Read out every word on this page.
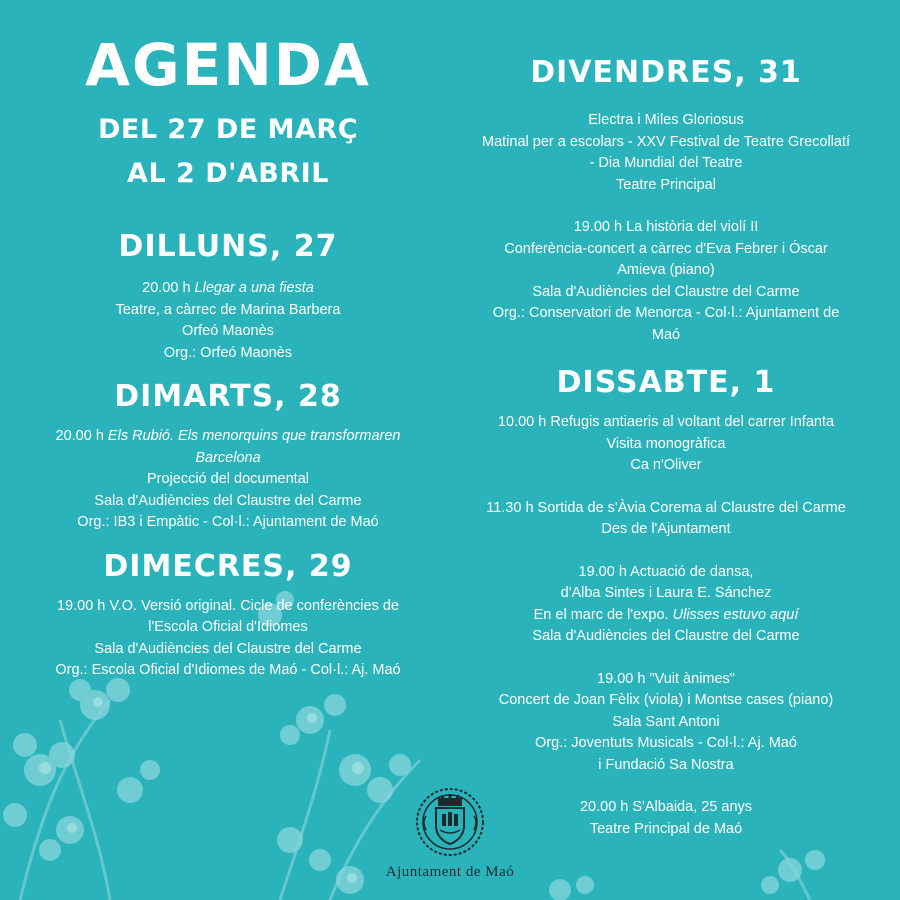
AGENDA
DEL 27 DE MARÇ
AL 2 D'ABRIL
DILLUNS, 27

20.00 h Llegar a una fiesta

Teatre, a càrrec de Marina Barbera

Orfeó Maonès

Org.: Orfeó Maonès

DIMARTS, 28

20.00 h Els Rubió. Els menorquins que transformaren

Barcelona

Projecció del documental

Sala d'Audiències del Claustre del Carme

Org.: IB3 i Empàtic - Col·l.: Ajuntament de Maó

DIMECRES, 29

19.00 h V.O. Versió original. Cicle de conferències de

l'Escola Oficial d'Idiomes

Sala d'Audiències del Claustre del Carme

Org.: Escola Oficial d'Idiomes de Maó - Col·l.: Aj. Maó

DIVENDRES, 31

Electra i Miles Gloriosus

Matinal per a escolars - XXV Festival de Teatre Grecollatí

- Dia Mundial del Teatre

Teatre Principal

19.00 h La història del violí II

Conferència-concert a càrrec d'Eva Febrer i Óscar

Amieva (piano)

Sala d'Audiències del Claustre del Carme

Org.: Conservatori de Menorca - Col·l.: Ajuntament de

Maó

DISSABTE, 1

10.00 h Refugis antiaeris al voltant del carrer Infanta

Visita monogràfica

Ca n'Oliver

11.30 h Sortida de s'Àvia Corema al Claustre del Carme

Des de l'Ajuntament

19.00 h Actuació de dansa,

d'Alba Sintes i Laura E. Sánchez

En el marc de l'expo. Ulisses estuvo aquí

Sala d'Audiències del Claustre del Carme

19.00 h "Vuit ànimes"

Concert de Joan Fèlix (viola) i Montse cases (piano)

Sala Sant Antoni

Org.: Joventuts Musicals - Col·l.: Aj. Maó

i Fundació Sa Nostra

20.00 h S'Albaida, 25 anys

Teatre Principal de Maó

Ajuntament de Maó
